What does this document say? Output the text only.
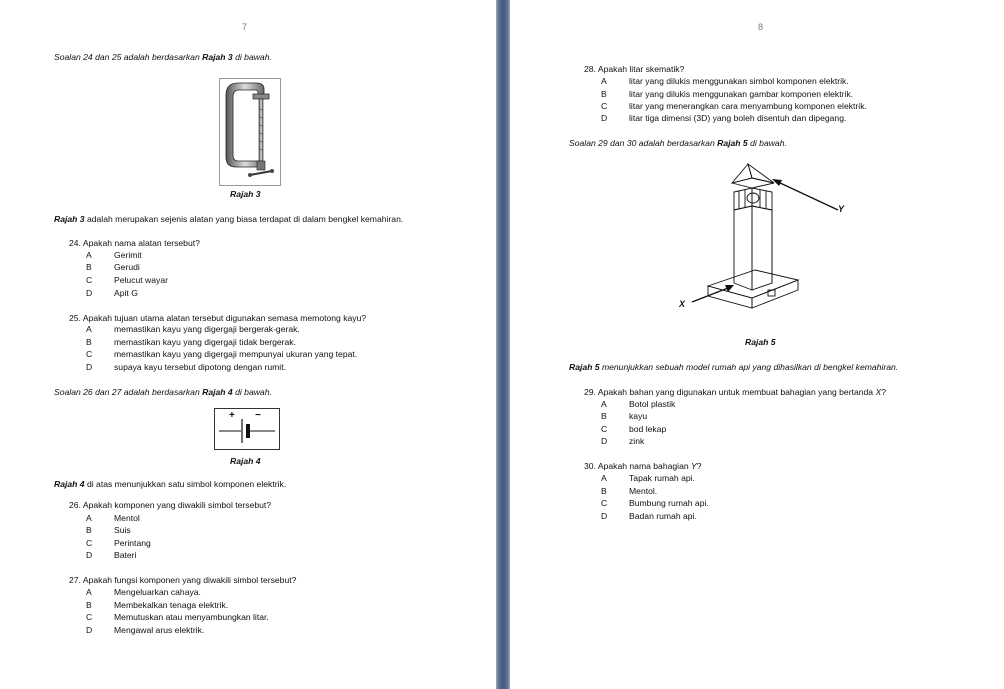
7
Soalan 24 dan 25 adalah berdasarkan Rajah 3 di bawah.
Rajah 3
Rajah 3 adalah merupakan sejenis alatan yang biasa terdapat di dalam bengkel kemahiran.
24. Apakah nama alatan tersebut?
A	Gerimit
B	Gerudi
C	Pelucut wayar
D	Apit G
25. Apakah tujuan utama alatan tersebut digunakan semasa memotong kayu?
A	memastikan kayu yang digergaji bergerak-gerak.
B	memastikan kayu yang digergaji tidak bergerak.
C	memastikan kayu yang digergaji mempunyai ukuran yang tepat.
D	supaya kayu tersebut dipotong dengan rumit.
Soalan 26 dan 27 adalah berdasarkan Rajah 4 di bawah.
+ −
Rajah 4
Rajah 4 di atas menunjukkan satu simbol komponen elektrik.
26. Apakah komponen yang diwakili simbol tersebut?
A	Mentol
B	Suis
C	Perintang
D	Bateri
27. Apakah fungsi komponen yang diwakili simbol tersebut?
A	Mengeluarkan cahaya.
B	Membekalkan tenaga elektrik.
C	Memutuskan atau menyambungkan litar.
D	Mengawal arus elektrik.
8
28. Apakah litar skematik?
A	litar yang dilukis menggunakan simbol komponen elektrik.
B	litar yang dilukis menggunakan gambar komponen elektrik.
C	litar yang menerangkan cara menyambung komponen elektrik.
D	litar tiga dimensi (3D) yang boleh disentuh dan dipegang.
Soalan 29 dan 30 adalah berdasarkan Rajah 5 di bawah.
Y
X
Rajah 5
Rajah 5 menunjukkan sebuah model rumah api yang dihasilkan di bengkel kemahiran.
29. Apakah bahan yang digunakan untuk membuat bahagian yang bertanda X?
A	Botol plastik
B	kayu
C	bod lekap
D	zink
30. Apakah nama bahagian Y?
A	Tapak rumah api.
B	Mentol.
C	Bumbung rumah api.
D	Badan rumah api.
